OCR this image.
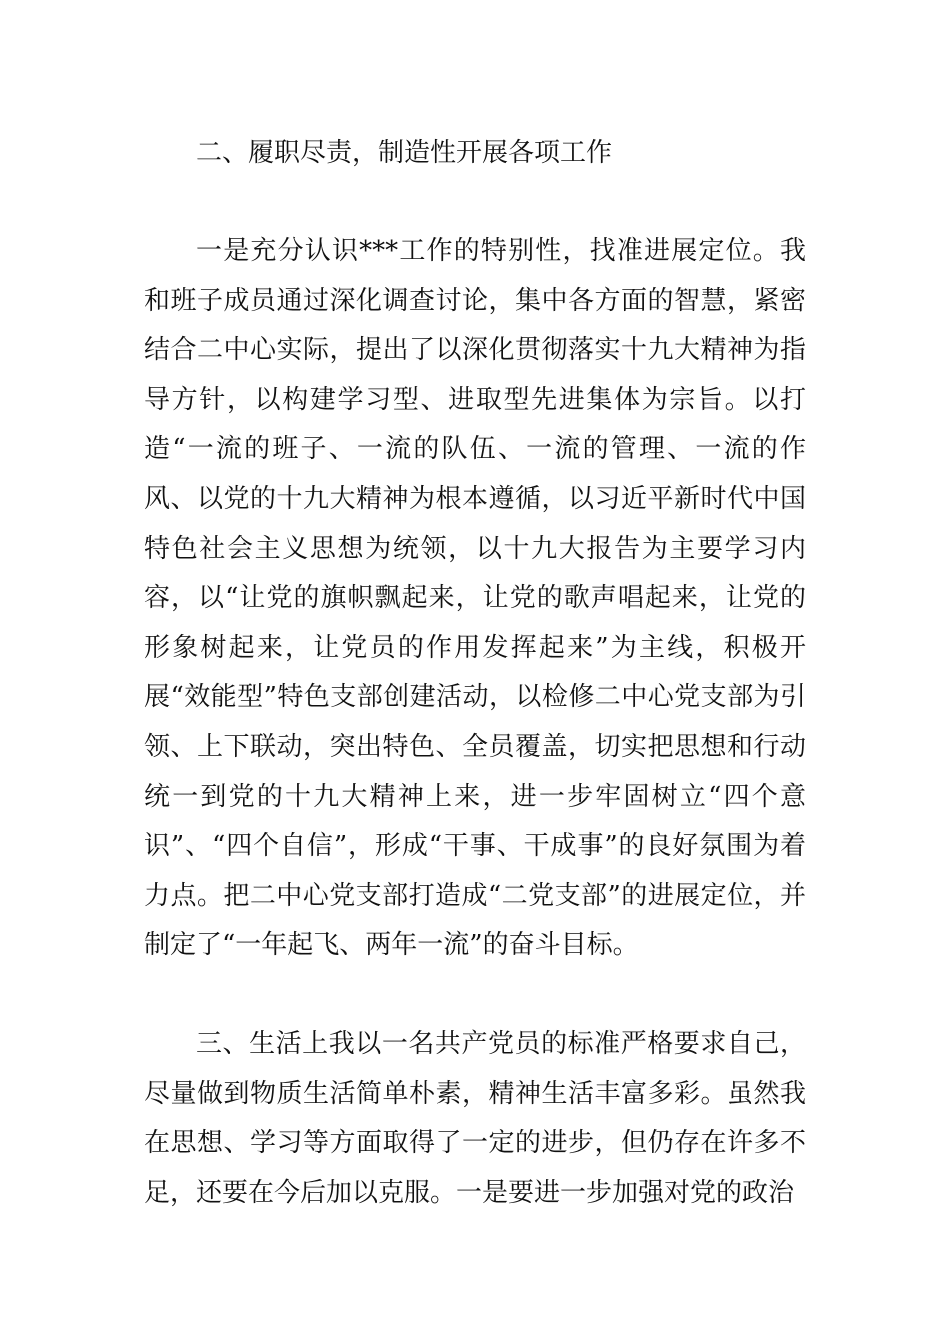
二、履职尽责，制造性开展各项工作

一是充分认识***工作的特别性，找准进展定位。我和班子成员通过深化调查讨论，集中各方面的智慧，紧密结合二中心实际，提出了以深化贯彻落实十九大精神为指导方针，以构建学习型、进取型先进集体为宗旨。以打造“一流的班子、一流的队伍、一流的管理、一流的作风、以党的十九大精神为根本遵循，以习近平新时代中国特色社会主义思想为统领，以十九大报告为主要学习内容，以“让党的旗帜飘起来，让党的歌声唱起来，让党的形象树起来，让党员的作用发挥起来”为主线，积极开展“效能型”特色支部创建活动，以检修二中心党支部为引领、上下联动，突出特色、全员覆盖，切实把思想和行动统一到党的十九大精神上来，进一步牢固树立“四个意识”、“四个自信”，形成“干事、干成事”的良好氛围为着力点。把二中心党支部打造成“二党支部”的进展定位，并制定了“一年起飞、两年一流”的奋斗目标。

三、生活上我以一名共产党员的标准严格要求自己，尽量做到物质生活简单朴素，精神生活丰富多彩。虽然我在思想、学习等方面取得了一定的进步，但仍存在许多不足，还要在今后加以克服。一是要进一步加强对党的政治
